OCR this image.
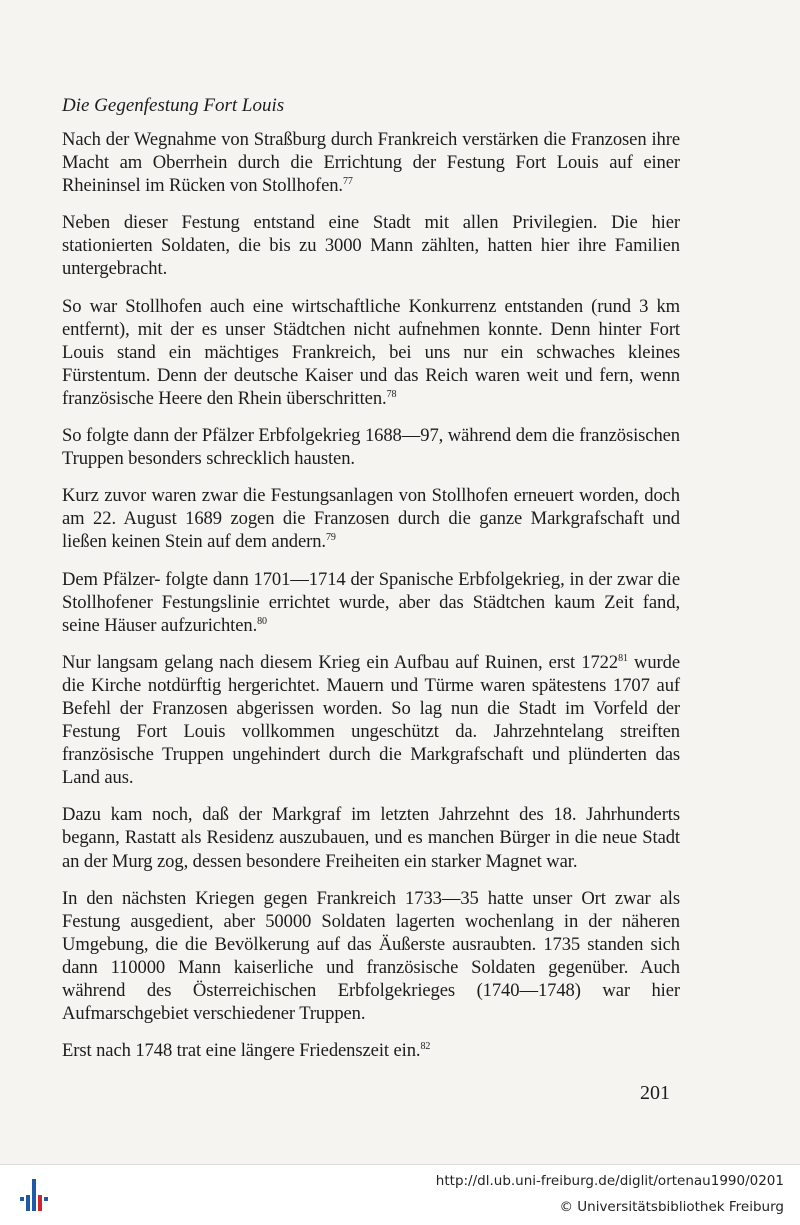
Die Gegenfestung Fort Louis

Nach der Wegnahme von Straßburg durch Frankreich verstärken die Franzosen ihre Macht am Oberrhein durch die Errichtung der Festung Fort Louis auf einer Rheininsel im Rücken von Stollhofen.$^{77}$

Neben dieser Festung entstand eine Stadt mit allen Privilegien. Die hier stationierten Soldaten, die bis zu 3000 Mann zählten, hatten hier ihre Familien untergebracht.

So war Stollhofen auch eine wirtschaftliche Konkurrenz entstanden (rund 3 km entfernt), mit der es unser Städtchen nicht aufnehmen konnte. Denn hinter Fort Louis stand ein mächtiges Frankreich, bei uns nur ein schwaches kleines Fürstentum. Denn der deutsche Kaiser und das Reich waren weit und fern, wenn französische Heere den Rhein überschritten.$^{78}$

So folgte dann der Pfälzer Erbfolgekrieg 1688—97, während dem die französischen Truppen besonders schrecklich hausten.

Kurz zuvor waren zwar die Festungsanlagen von Stollhofen erneuert worden, doch am 22. August 1689 zogen die Franzosen durch die ganze Markgrafschaft und ließen keinen Stein auf dem andern.$^{79}$

Dem Pfälzer- folgte dann 1701—1714 der Spanische Erbfolgekrieg, in der zwar die Stollhofener Festungslinie errichtet wurde, aber das Städtchen kaum Zeit fand, seine Häuser aufzurichten.$^{80}$

Nur langsam gelang nach diesem Krieg ein Aufbau auf Ruinen, erst 1722$^{81}$ wurde die Kirche notdürftig hergerichtet. Mauern und Türme waren spätestens 1707 auf Befehl der Franzosen abgerissen worden. So lag nun die Stadt im Vorfeld der Festung Fort Louis vollkommen ungeschützt da. Jahrzehntelang streiften französische Truppen ungehindert durch die Markgrafschaft und plünderten das Land aus.

Dazu kam noch, daß der Markgraf im letzten Jahrzehnt des 18. Jahrhunderts begann, Rastatt als Residenz auszubauen, und es manchen Bürger in die neue Stadt an der Murg zog, dessen besondere Freiheiten ein starker Magnet war.

In den nächsten Kriegen gegen Frankreich 1733—35 hatte unser Ort zwar als Festung ausgedient, aber 50000 Soldaten lagerten wochenlang in der näheren Umgebung, die die Bevölkerung auf das Äußerste ausraubten. 1735 standen sich dann 110000 Mann kaiserliche und französische Soldaten gegenüber. Auch während des Österreichischen Erbfolgekrieges (1740—1748) war hier Aufmarschgebiet verschiedener Truppen.

Erst nach 1748 trat eine längere Friedenszeit ein.$^{82}$

201
http://dl.ub.uni-freiburg.de/diglit/ortenau1990/0201
© Universitätsbibliothek Freiburg
